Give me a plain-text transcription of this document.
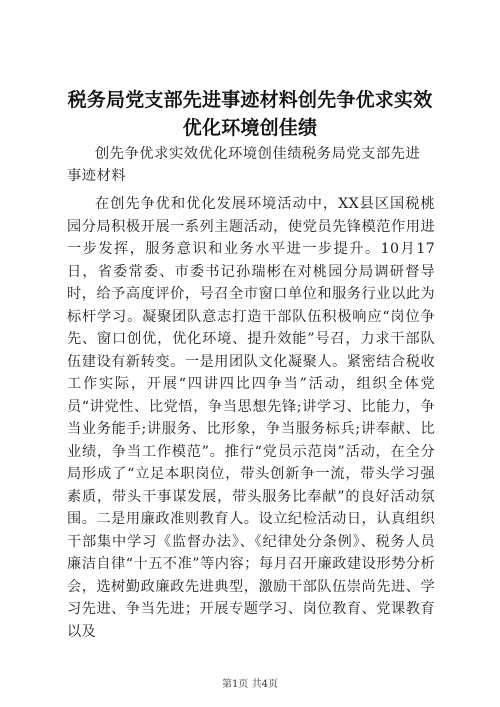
税务局党支部先进事迹材料创先争优求实效优化环境创佳绩
创先争优求实效优化环境创佳绩税务局党支部先进事迹材料
在创先争优和优化发展环境活动中，XX县区国税桃园分局积极开展一系列主题活动，使党员先锋模范作用进一步发挥，服务意识和业务水平进一步提升。10月17日，省委常委、市委书记孙瑞彬在对桃园分局调研督导时，给予高度评价，号召全市窗口单位和服务行业以此为标杆学习。凝聚团队意志打造干部队伍积极响应“岗位争先、窗口创优，优化环境、提升效能”号召，力求干部队伍建设有新转变。一是用团队文化凝聚人。紧密结合税收工作实际，开展“四讲四比四争当”活动，组织全体党员“讲党性、比党悟，争当思想先锋;讲学习、比能力，争当业务能手;讲服务、比形象，争当服务标兵;讲奉献、比业绩，争当工作模范”。推行“党员示范岗”活动，在全分局形成了“立足本职岗位，带头创新争一流，带头学习强素质，带头干事谋发展，带头服务比奉献”的良好活动氛围。二是用廉政准则教育人。设立纪检活动日，认真组织干部集中学习《监督办法》、《纪律处分条例》、税务人员廉洁自律“十五不准”等内容；每月召开廉政建设形势分析会，选树勤政廉政先进典型，激励干部队伍崇尚先进、学习先进、争当先进；开展专题学习、岗位教育、党课教育以及
第1页 共4页
